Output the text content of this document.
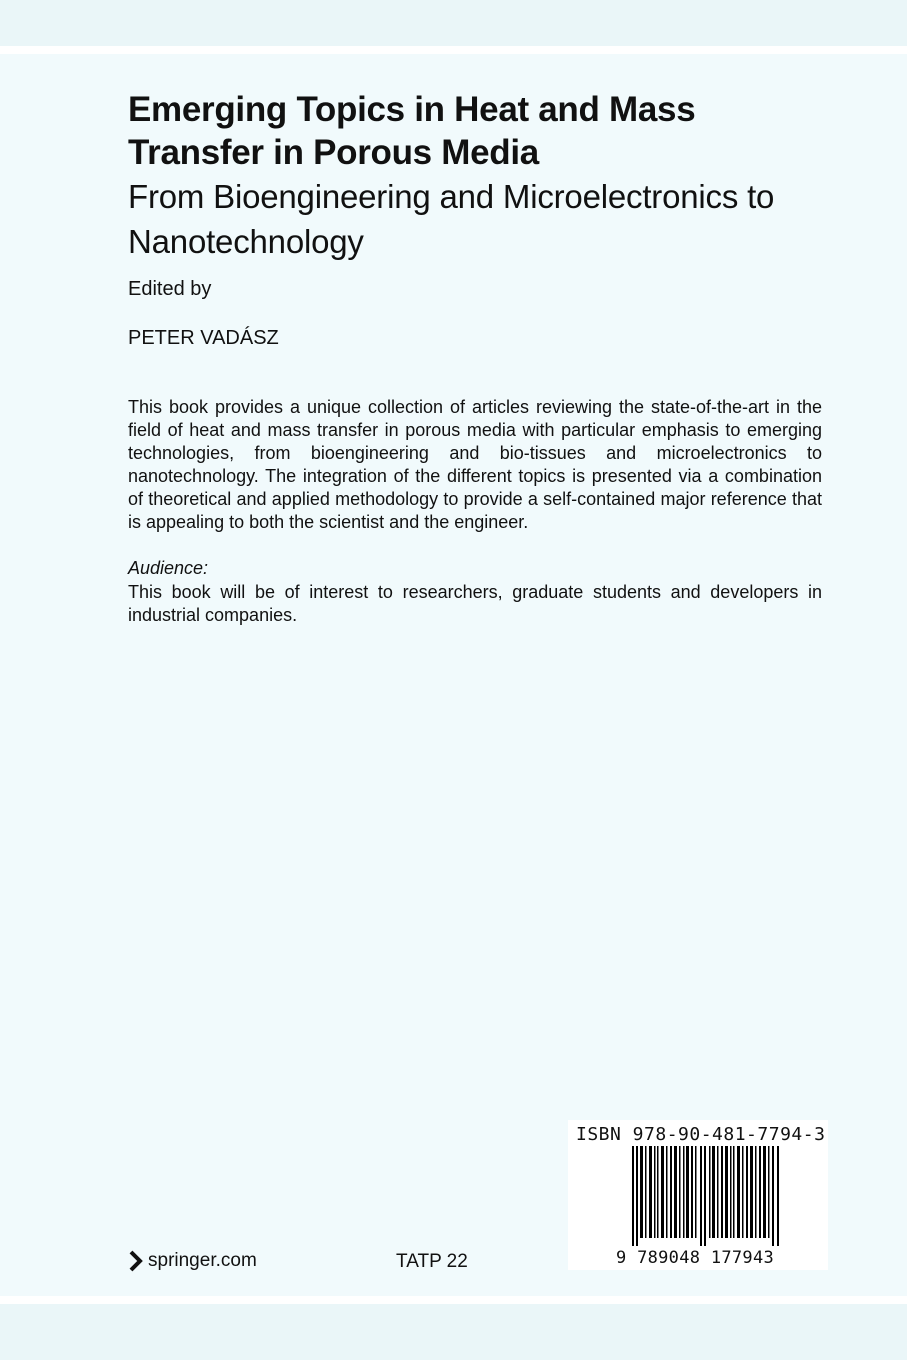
Emerging Topics in Heat and Mass Transfer in Porous Media
From Bioengineering and Microelectronics to Nanotechnology
Edited by
PETER VADÁSZ

This book provides a unique collection of articles reviewing the state-of-the-art in the field of heat and mass transfer in porous media with particular emphasis to emerging technologies, from bioengineering and bio-tissues and microelectronics to nanotechnology. The integration of the different topics is presented via a combination of theoretical and applied methodology to provide a self-contained major reference that is appealing to both the scientist and the engineer.

Audience:

This book will be of interest to researchers, graduate students and developers in industrial companies.

springer.com	TATP 22
ISBN 978-90-481-7794-3
9 789048 177943
